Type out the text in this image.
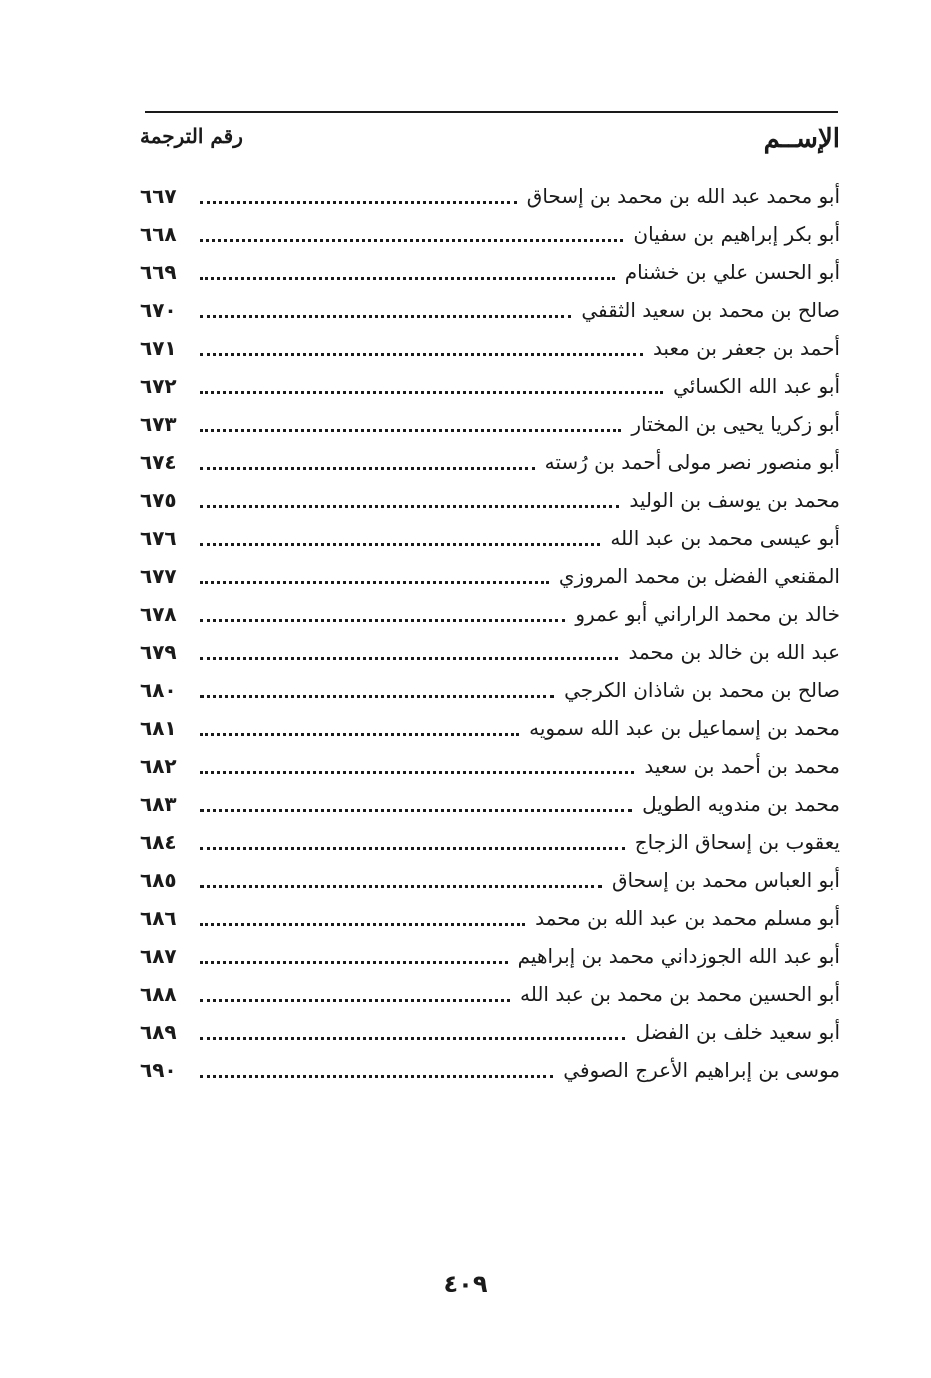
الإســم
رقم الترجمة
أبو محمد عبد الله بن محمد بن إسحاق
٦٦٧
أبو بكر إبراهيم بن سفيان
٦٦٨
أبو الحسن علي بن خشنام
٦٦٩
صالح بن محمد بن سعيد الثقفي
٦٧٠
أحمد بن جعفر بن معبد
٦٧١
أبو عبد الله الكسائي
٦٧٢
أبو زكريا يحيى بن المختار
٦٧٣
أبو منصور نصر مولى أحمد بن رُسته
٦٧٤
محمد بن يوسف بن الوليد
٦٧٥
أبو عيسى محمد بن عبد الله
٦٧٦
المقنعي الفضل بن محمد المروزي
٦٧٧
خالد بن محمد الراراني أبو عمرو
٦٧٨
عبد الله بن خالد بن محمد
٦٧٩
صالح بن محمد بن شاذان الكرجي
٦٨٠
محمد بن إسماعيل بن عبد الله سمويه
٦٨١
محمد بن أحمد بن سعيد
٦٨٢
محمد بن مندويه الطويل
٦٨٣
يعقوب بن إسحاق الزجاج
٦٨٤
أبو العباس محمد بن إسحاق
٦٨٥
أبو مسلم محمد بن عبد الله بن محمد
٦٨٦
أبو عبد الله الجوزداني محمد بن إبراهيم
٦٨٧
أبو الحسين محمد بن محمد بن عبد الله
٦٨٨
أبو سعيد خلف بن الفضل
٦٨٩
موسى بن إبراهيم الأعرج الصوفي
٦٩٠
٤٠٩
